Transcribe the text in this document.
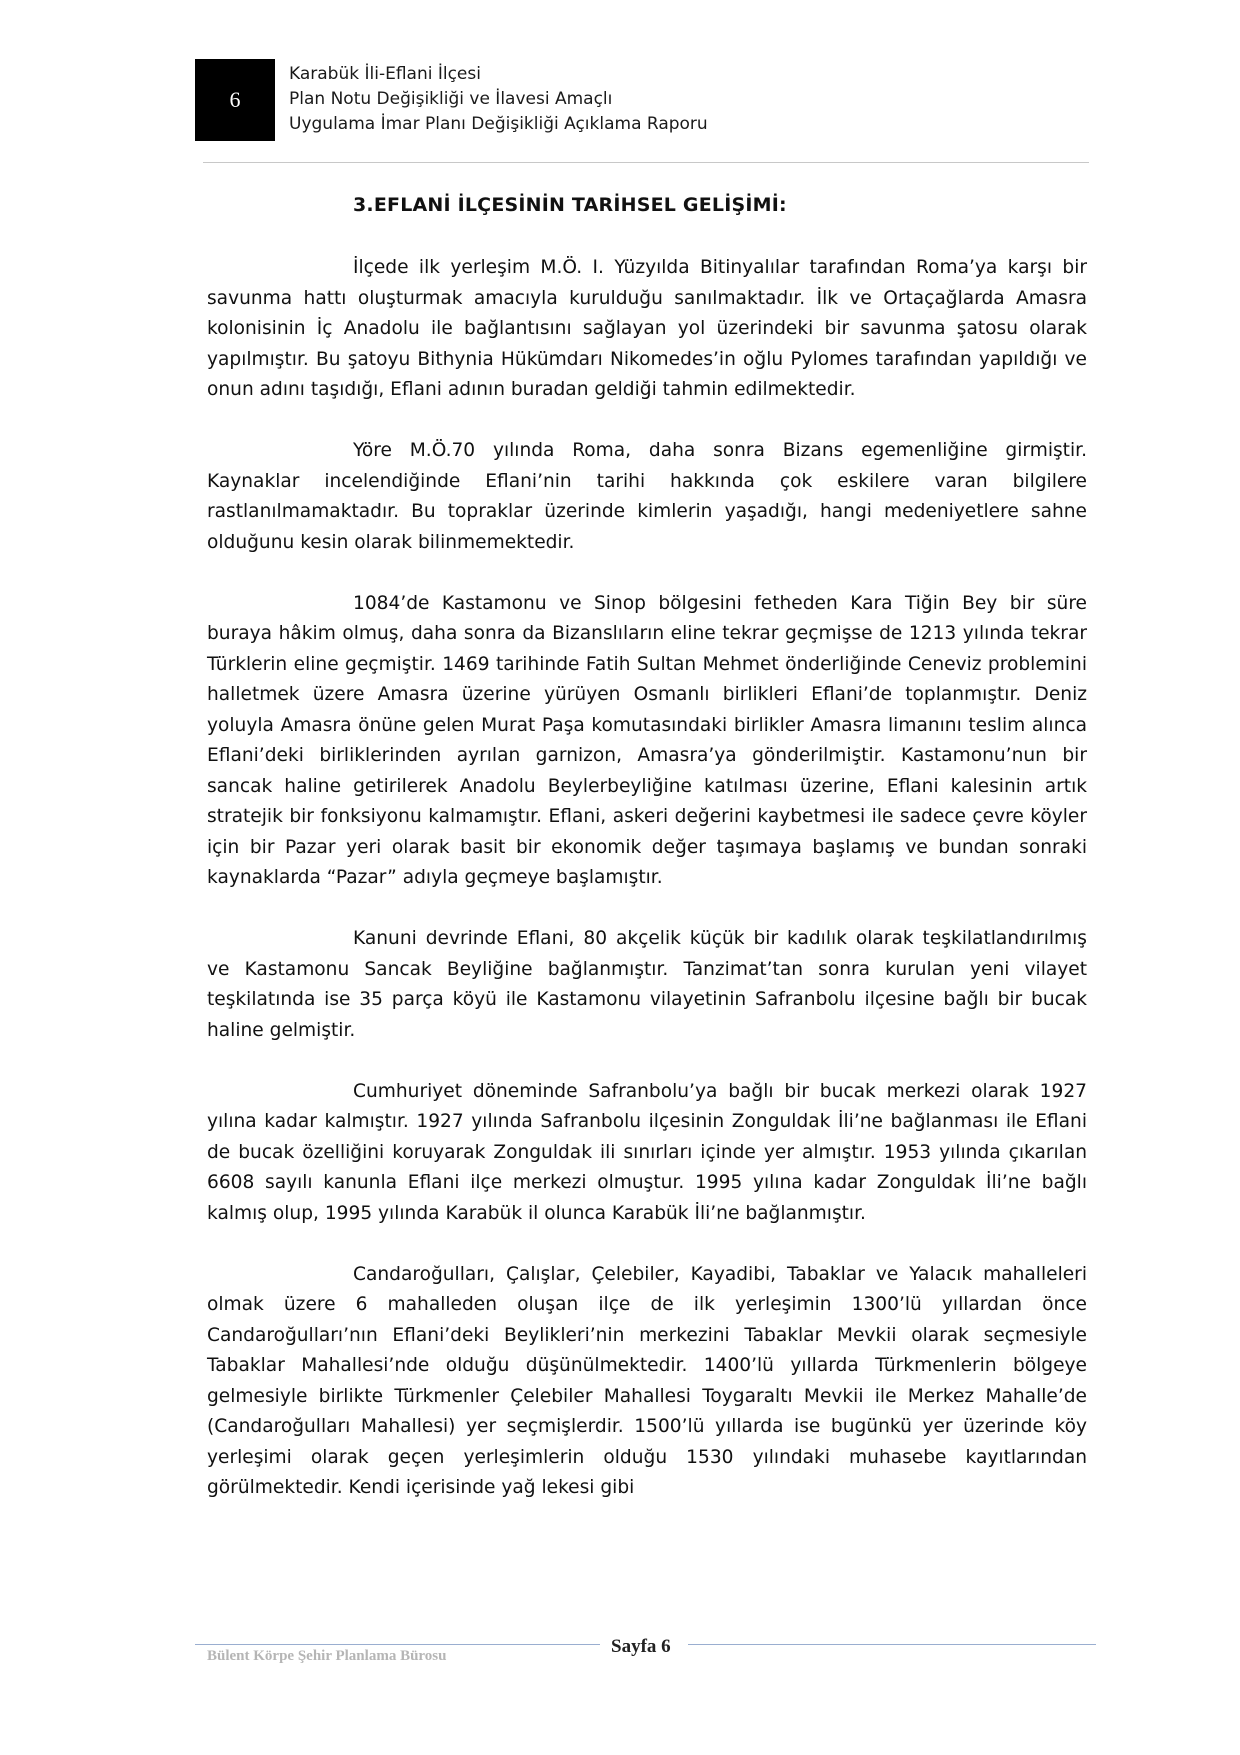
6
Karabük İli-Eflani İlçesi
Plan Notu Değişikliği ve İlavesi Amaçlı
Uygulama İmar Planı Değişikliği Açıklama Raporu
3.EFLANİ İLÇESİNİN TARİHSEL GELİŞİMİ:

İlçede ilk yerleşim M.Ö. I. Yüzyılda Bitinyalılar tarafından Roma’ya karşı bir savunma hattı oluşturmak amacıyla kurulduğu sanılmaktadır. İlk ve Ortaçağlarda Amasra kolonisinin İç Anadolu ile bağlantısını sağlayan yol üzerindeki bir savunma şatosu olarak yapılmıştır. Bu şatoyu Bithynia Hükümdarı Nikomedes’in oğlu Pylomes tarafından yapıldığı ve onun adını taşıdığı, Eflani adının buradan geldiği tahmin edilmektedir.

Yöre M.Ö.70 yılında Roma, daha sonra Bizans egemenliğine girmiştir. Kaynaklar incelendiğinde Eflani’nin tarihi hakkında çok eskilere varan bilgilere rastlanılmamaktadır. Bu topraklar üzerinde kimlerin yaşadığı, hangi medeniyetlere sahne olduğunu kesin olarak bilinmemektedir.

1084’de Kastamonu ve Sinop bölgesini fetheden Kara Tiğin Bey bir süre buraya hâkim olmuş, daha sonra da Bizanslıların eline tekrar geçmişse de 1213 yılında tekrar Türklerin eline geçmiştir. 1469 tarihinde Fatih Sultan Mehmet önderliğinde Ceneviz problemini halletmek üzere Amasra üzerine yürüyen Osmanlı birlikleri Eflani’de toplanmıştır. Deniz yoluyla Amasra önüne gelen Murat Paşa komutasındaki birlikler Amasra limanını teslim alınca Eflani’deki birliklerinden ayrılan garnizon, Amasra’ya gönderilmiştir. Kastamonu’nun bir sancak haline getirilerek Anadolu Beylerbeyliğine katılması üzerine, Eflani kalesinin artık stratejik bir fonksiyonu kalmamıştır. Eflani, askeri değerini kaybetmesi ile sadece çevre köyler için bir Pazar yeri olarak basit bir ekonomik değer taşımaya başlamış ve bundan sonraki kaynaklarda “Pazar” adıyla geçmeye başlamıştır.

Kanuni devrinde Eflani, 80 akçelik küçük bir kadılık olarak teşkilatlandırılmış ve Kastamonu Sancak Beyliğine bağlanmıştır. Tanzimat’tan sonra kurulan yeni vilayet teşkilatında ise 35 parça köyü ile Kastamonu vilayetinin Safranbolu ilçesine bağlı bir bucak haline gelmiştir.

Cumhuriyet döneminde Safranbolu’ya bağlı bir bucak merkezi olarak 1927 yılına kadar kalmıştır. 1927 yılında Safranbolu ilçesinin Zonguldak İli’ne bağlanması ile Eflani de bucak özelliğini koruyarak Zonguldak ili sınırları içinde yer almıştır. 1953 yılında çıkarılan 6608 sayılı kanunla Eflani ilçe merkezi olmuştur. 1995 yılına kadar Zonguldak İli’ne bağlı kalmış olup, 1995 yılında Karabük il olunca Karabük İli’ne bağlanmıştır.

Candaroğulları, Çalışlar, Çelebiler, Kayadibi, Tabaklar ve Yalacık mahalleleri olmak üzere 6 mahalleden oluşan ilçe de ilk yerleşimin 1300’lü yıllardan önce Candaroğulları’nın Eflani’deki Beylikleri’nin merkezini Tabaklar Mevkii olarak seçmesiyle Tabaklar Mahallesi’nde olduğu düşünülmektedir. 1400’lü yıllarda Türkmenlerin bölgeye gelmesiyle birlikte Türkmenler Çelebiler Mahallesi Toygaraltı Mevkii ile Merkez Mahalle’de (Candaroğulları Mahallesi) yer seçmişlerdir. 1500’lü yıllarda ise bugünkü yer üzerinde köy yerleşimi olarak geçen yerleşimlerin olduğu 1530 yılındaki muhasebe kayıtlarından görülmektedir. Kendi içerisinde yağ lekesi gibi

Bülent Körpe Şehir Planlama Bürosu	Sayfa 6
